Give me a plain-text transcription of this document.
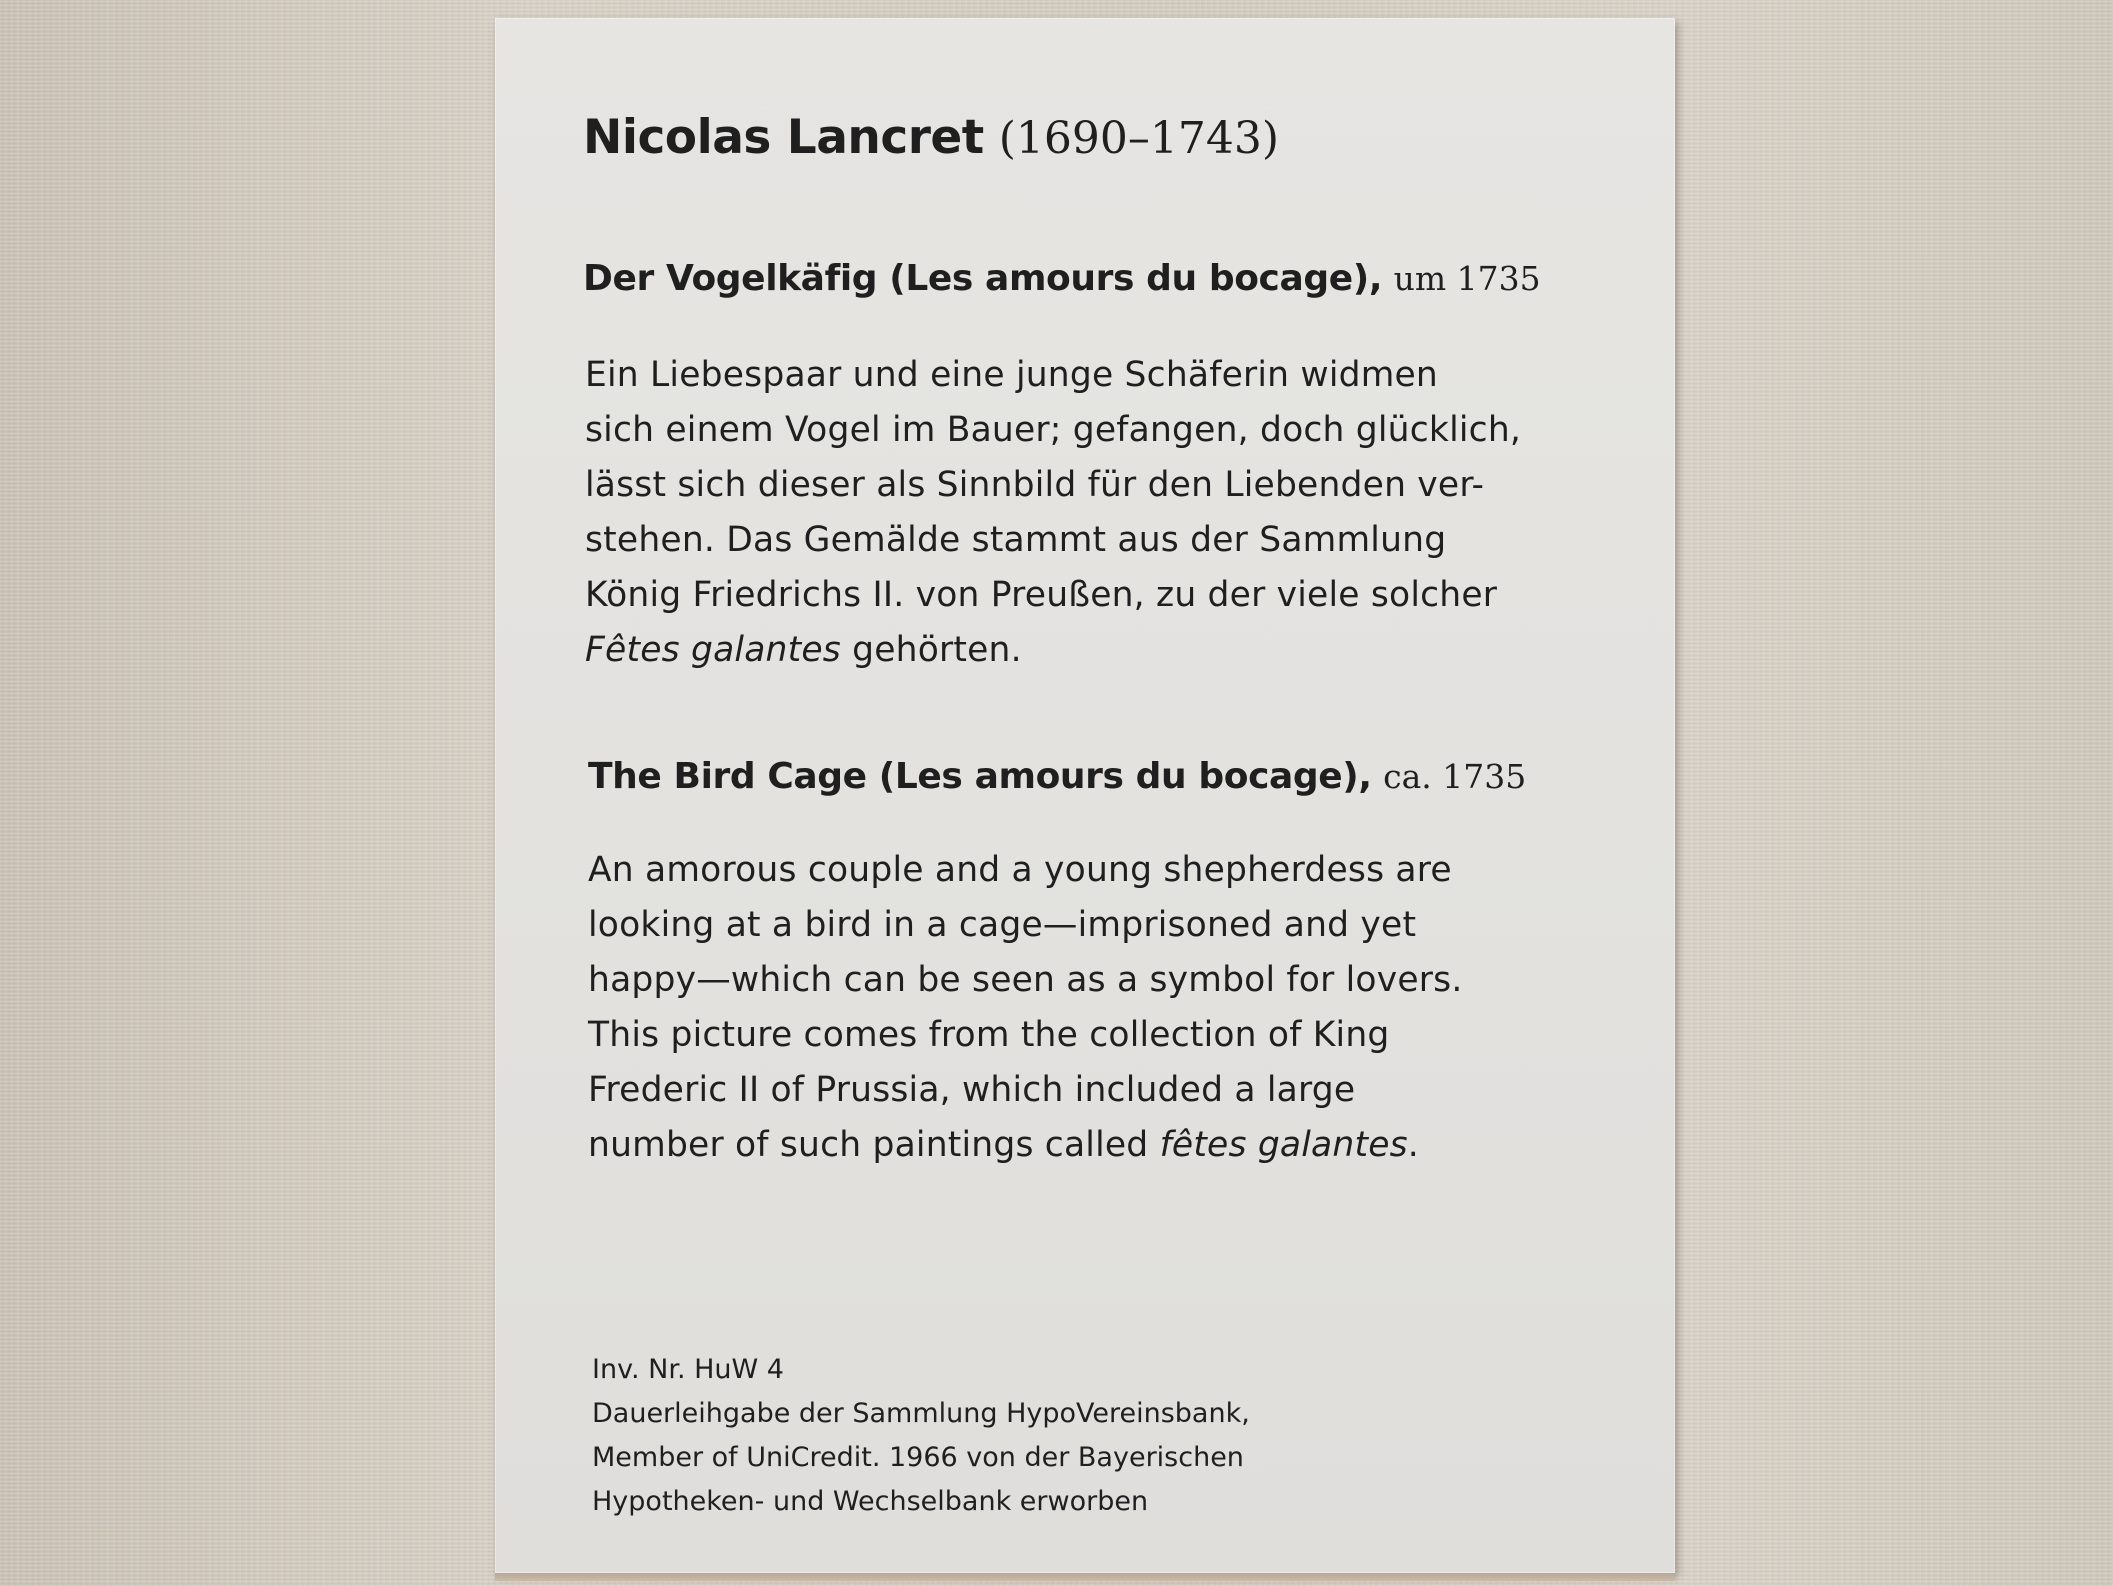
Nicolas Lancret (1690–1743)
Der Vogelkäfig (Les amours du bocage), um 1735
Ein Liebespaar und eine junge Schäferin widmen
sich einem Vogel im Bauer; gefangen, doch glücklich,
lässt sich dieser als Sinnbild für den Liebenden ver-
stehen. Das Gemälde stammt aus der Sammlung
König Friedrichs II. von Preußen, zu der viele solcher
Fêtes galantes gehörten.
The Bird Cage (Les amours du bocage), ca. 1735
An amorous couple and a young shepherdess are
looking at a bird in a cage—imprisoned and yet
happy—which can be seen as a symbol for lovers.
This picture comes from the collection of King
Frederic II of Prussia, which included a large
number of such paintings called fêtes galantes.
Inv. Nr. HuW 4
Dauerleihgabe der Sammlung HypoVereinsbank,
Member of UniCredit. 1966 von der Bayerischen
Hypotheken- und Wechselbank erworben
